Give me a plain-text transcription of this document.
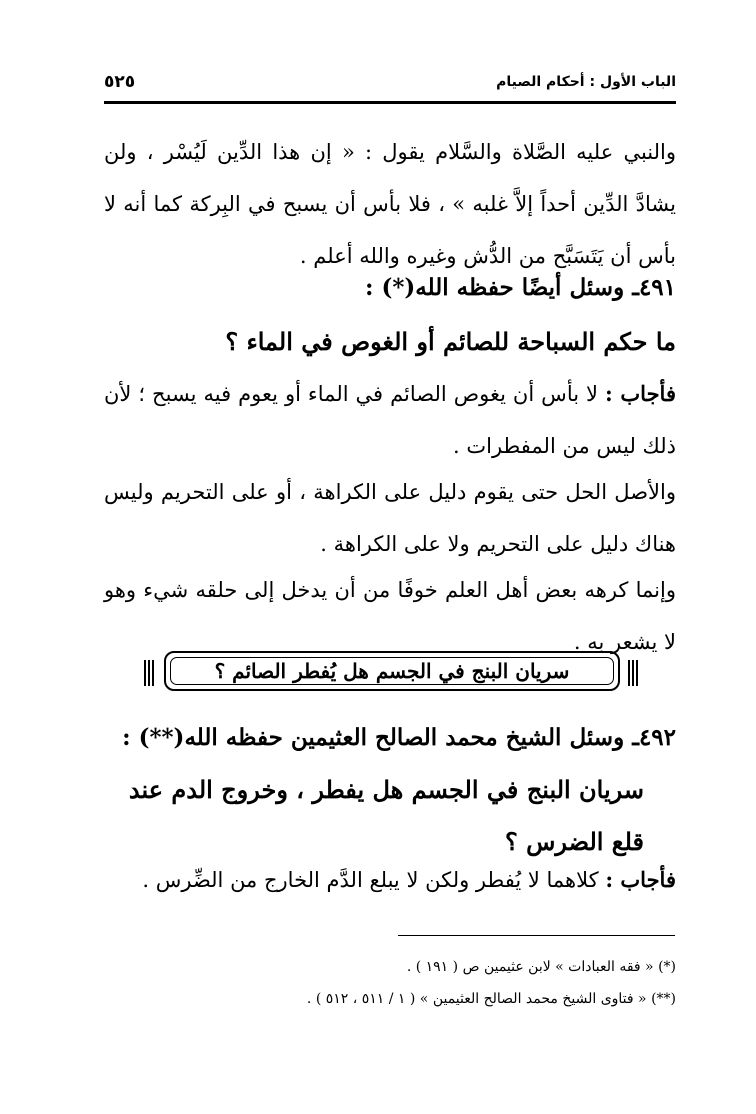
الباب الأول : أحكام الصيام
٥٢٥
والنبي عليه الصَّلاة والسَّلام يقول : « إن هذا الدِّين لَيُسْر ، ولن يشادَّ الدِّين أحداً إلاَّ غلبه » ، فلا بأس أن يسبح في البِركة كما أنه لا بأس أن يَتَسَبَّح من الدُّش وغيره والله أعلم .
٤٩١ـ وسئل أيضًا حفظه الله(*) :
ما حكم السباحة للصائم أو الغوص في الماء ؟
فأجاب : لا بأس أن يغوص الصائم في الماء أو يعوم فيه يسبح ؛ لأن ذلك ليس من المفطرات .
والأصل الحل حتى يقوم دليل على الكراهة ، أو على التحريم وليس هناك دليل على التحريم ولا على الكراهة .
وإنما كرهه بعض أهل العلم خوفًا من أن يدخل إلى حلقه شيء وهو لا يشعر به .
سريان البنج في الجسم هل يُفطر الصائم ؟
٤٩٢ـ وسئل الشيخ محمد الصالح العثيمين حفظه الله(**) :
سريان البنج في الجسم هل يفطر ، وخروج الدم عند قلع الضرس ؟
فأجاب : كلاهما لا يُفطر ولكن لا يبلع الدَّم الخارج من الضِّرس .
(*) « فقه العبادات » لابن عثيمين ص ( ١٩١ ) .
(**) « فتاوى الشيخ محمد الصالح العثيمين » ( ١ / ٥١١ ، ٥١٢ ) .
